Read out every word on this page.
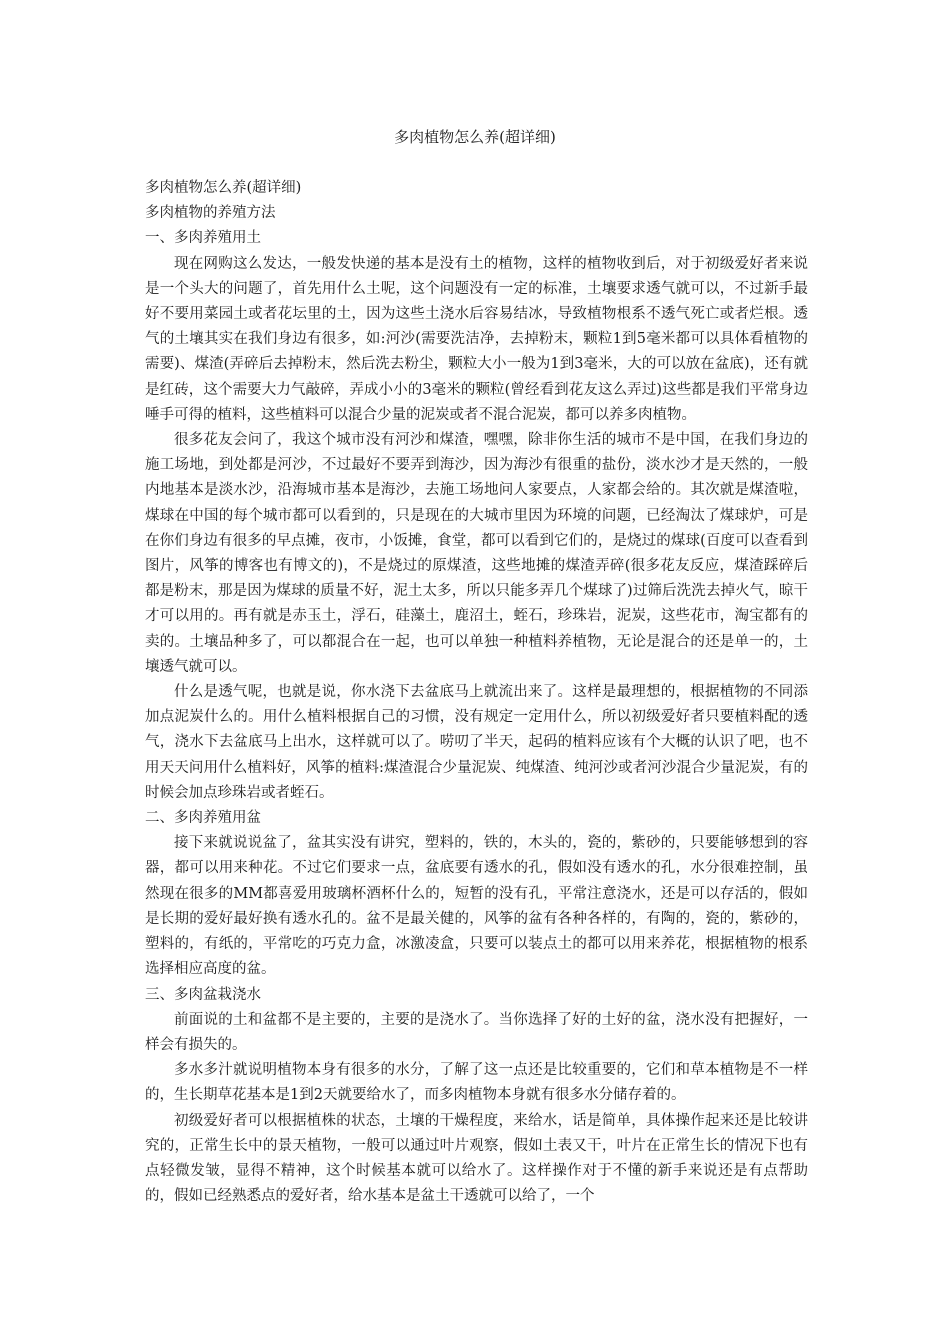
多肉植物怎么养(超详细)

多肉植物怎么养(超详细)

多肉植物的养殖方法

一、多肉养殖用土

现在网购这么发达，一般发快递的基本是没有土的植物，这样的植物收到后，对于初级爱好者来说是一个头大的问题了，首先用什么土呢，这个问题没有一定的标准，土壤要求透气就可以，不过新手最好不要用菜园土或者花坛里的土，因为这些土浇水后容易结冰，导致植物根系不透气死亡或者烂根。透气的土壤其实在我们身边有很多，如:河沙(需要洗洁净，去掉粉末，颗粒1到5毫米都可以具体看植物的需要)、煤渣(弄碎后去掉粉末，然后洗去粉尘，颗粒大小一般为1到3毫米，大的可以放在盆底)，还有就是红砖，这个需要大力气敲碎，弄成小小的3毫米的颗粒(曾经看到花友这么弄过)这些都是我们平常身边唾手可得的植料，这些植料可以混合少量的泥炭或者不混合泥炭，都可以养多肉植物。

很多花友会问了，我这个城市没有河沙和煤渣，嘿嘿，除非你生活的城市不是中国，在我们身边的施工场地，到处都是河沙，不过最好不要弄到海沙，因为海沙有很重的盐份，淡水沙才是天然的，一般内地基本是淡水沙，沿海城市基本是海沙，去施工场地问人家要点，人家都会给的。其次就是煤渣啦，煤球在中国的每个城市都可以看到的，只是现在的大城市里因为环境的问题，已经淘汰了煤球炉，可是在你们身边有很多的早点摊，夜市，小饭摊，食堂，都可以看到它们的，是烧过的煤球(百度可以查看到图片，风筝的博客也有博文的)，不是烧过的原煤渣，这些地摊的煤渣弄碎(很多花友反应，煤渣踩碎后都是粉末，那是因为煤球的质量不好，泥土太多，所以只能多弄几个煤球了)过筛后洗洗去掉火气，晾干才可以用的。再有就是赤玉土，浮石，硅藻土，鹿沼土，蛭石，珍珠岩，泥炭，这些花市，淘宝都有的卖的。土壤品种多了，可以都混合在一起，也可以单独一种植料养植物，无论是混合的还是单一的，土壤透气就可以。

什么是透气呢，也就是说，你水浇下去盆底马上就流出来了。这样是最理想的，根据植物的不同添加点泥炭什么的。用什么植料根据自己的习惯，没有规定一定用什么，所以初级爱好者只要植料配的透气，浇水下去盆底马上出水，这样就可以了。唠叨了半天，起码的植料应该有个大概的认识了吧，也不用天天问用什么植料好，风筝的植料:煤渣混合少量泥炭、纯煤渣、纯河沙或者河沙混合少量泥炭，有的时候会加点珍珠岩或者蛭石。

二、多肉养殖用盆

接下来就说说盆了，盆其实没有讲究，塑料的，铁的，木头的，瓷的，紫砂的，只要能够想到的容器，都可以用来种花。不过它们要求一点，盆底要有透水的孔，假如没有透水的孔，水分很难控制，虽然现在很多的MM都喜爱用玻璃杯酒杯什么的，短暂的没有孔，平常注意浇水，还是可以存活的，假如是长期的爱好最好换有透水孔的。盆不是最关健的，风筝的盆有各种各样的，有陶的，瓷的，紫砂的，塑料的，有纸的，平常吃的巧克力盒，冰激凌盒，只要可以装点土的都可以用来养花，根据植物的根系选择相应高度的盆。

三、多肉盆栽浇水

前面说的土和盆都不是主要的，主要的是浇水了。当你选择了好的土好的盆，浇水没有把握好，一样会有损失的。

多水多汁就说明植物本身有很多的水分，了解了这一点还是比较重要的，它们和草本植物是不一样的，生长期草花基本是1到2天就要给水了，而多肉植物本身就有很多水分储存着的。

初级爱好者可以根据植株的状态，土壤的干燥程度，来给水，话是简单，具体操作起来还是比较讲究的，正常生长中的景天植物，一般可以通过叶片观察，假如土表又干，叶片在正常生长的情况下也有点轻微发皱，显得不精神，这个时候基本就可以给水了。这样操作对于不懂的新手来说还是有点帮助的，假如已经熟悉点的爱好者，给水基本是盆土干透就可以给了，一个
